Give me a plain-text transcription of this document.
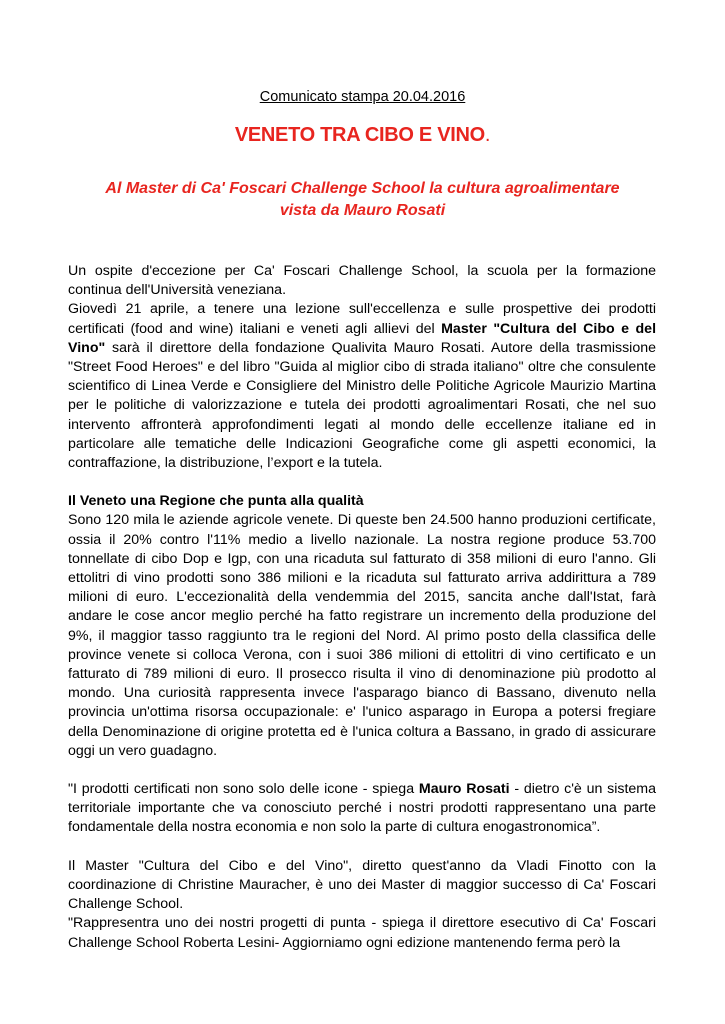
Comunicato stampa 20.04.2016
VENETO TRA CIBO E VINO.
Al Master di Ca' Foscari Challenge School la cultura agroalimentare
vista da Mauro Rosati

Un ospite d'eccezione per Ca' Foscari Challenge School, la scuola per la formazione continua dell'Università veneziana.

Giovedì 21 aprile, a tenere una lezione sull'eccellenza e sulle prospettive dei prodotti certificati (food and wine) italiani e veneti agli allievi del Master "Cultura del Cibo e del Vino" sarà il direttore della fondazione Qualivita Mauro Rosati. Autore della trasmissione "Street Food Heroes" e del libro "Guida al miglior cibo di strada italiano" oltre che consulente scientifico di Linea Verde e Consigliere del Ministro delle Politiche Agricole Maurizio Martina per le politiche di valorizzazione e tutela dei prodotti agroalimentari Rosati, che nel suo intervento affronterà approfondimenti legati al mondo delle eccellenze italiane ed in particolare alle tematiche delle Indicazioni Geografiche come gli aspetti economici, la contraffazione, la distribuzione, l’export e la tutela.

Il Veneto una Regione che punta alla qualità

Sono 120 mila le aziende agricole venete. Di queste ben 24.500 hanno produzioni certificate, ossia il 20% contro l'11% medio a livello nazionale. La nostra regione produce 53.700 tonnellate di cibo Dop e Igp, con una ricaduta sul fatturato di 358 milioni di euro l'anno. Gli ettolitri di vino prodotti sono 386 milioni e la ricaduta sul fatturato arriva addirittura a 789 milioni di euro. L'eccezionalità della vendemmia del 2015, sancita anche dall'Istat, farà andare le cose ancor meglio perché ha fatto registrare un incremento della produzione del 9%, il maggior tasso raggiunto tra le regioni del Nord. Al primo posto della classifica delle province venete si colloca Verona, con i suoi 386 milioni di ettolitri di vino certificato e un fatturato di 789 milioni di euro. Il prosecco risulta il vino di denominazione più prodotto al mondo. Una curiosità rappresenta invece l'asparago bianco di Bassano, divenuto nella provincia un'ottima risorsa occupazionale: e' l'unico asparago in Europa a potersi fregiare della Denominazione di origine protetta ed è l'unica coltura a Bassano, in grado di assicurare oggi un vero guadagno.

"I prodotti certificati non sono solo delle icone - spiega Mauro Rosati - dietro c'è un sistema territoriale importante che va conosciuto perché i nostri prodotti rappresentano una parte fondamentale della nostra economia e non solo la parte di cultura enogastronomica”.

Il Master "Cultura del Cibo e del Vino", diretto quest'anno da Vladi Finotto con la coordinazione di Christine Mauracher, è uno dei Master di maggior successo di Ca' Foscari Challenge School.

"Rappresentra uno dei nostri progetti di punta - spiega il direttore esecutivo di Ca' Foscari Challenge School Roberta Lesini- Aggiorniamo ogni edizione mantenendo ferma però la
